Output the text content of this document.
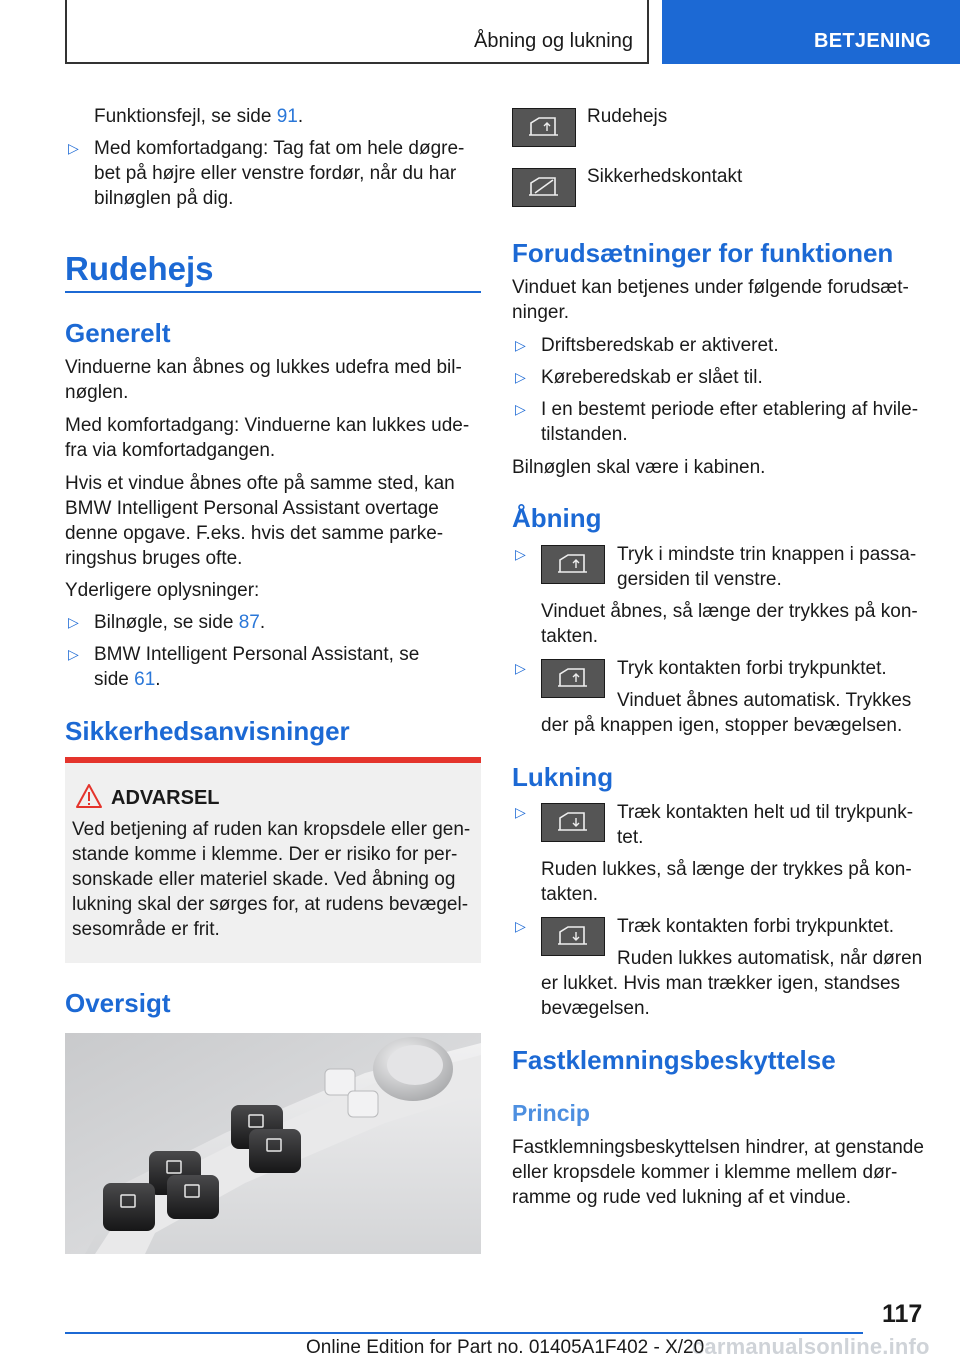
Åbning og lukning	BETJENING
Funktionsfejl, se side 91.
▷ Med komfortadgang: Tag fat om hele døgre-
bet på højre eller venstre fordør, når du har
bilnøglen på dig.
Rudehejs
Generelt
Vinduerne kan åbnes og lukkes udefra med bil-
nøglen.
Med komfortadgang: Vinduerne kan lukkes ude-
fra via komfortadgangen.
Hvis et vindue åbnes ofte på samme sted, kan
BMW Intelligent Personal Assistant overtage
denne opgave. F.eks. hvis det samme parke-
ringshus bruges ofte.
Yderligere oplysninger:
▷ Bilnøgle, se side 87.
▷ BMW Intelligent Personal Assistant, se
side 61.
Sikkerhedsanvisninger
ADVARSEL
Ved betjening af ruden kan kropsdele eller gen-
stande komme i klemme. Der er risiko for per-
sonskade eller materiel skade. Ved åbning og
lukning skal der sørges for, at rudens bevægel-
sesområde er frit.
Oversigt
Rudehejs
Sikkerhedskontakt
Forudsætninger for funktionen
Vinduet kan betjenes under følgende forudsæt-
ninger.
▷ Driftsberedskab er aktiveret.
▷ Køreberedskab er slået til.
▷ I en bestemt periode efter etablering af hvile-
tilstanden.
Bilnøglen skal være i kabinen.
Åbning
▷	Tryk i mindste trin knappen i passa-
gersiden til venstre.
Vinduet åbnes, så længe der trykkes på kon-
takten.
▷	Tryk kontakten forbi trykpunktet.
Vinduet åbnes automatisk. Trykkes
der på knappen igen, stopper bevægelsen.
Lukning
▷	Træk kontakten helt ud til trykpunk-
tet.
Ruden lukkes, så længe der trykkes på kon-
takten.
▷	Træk kontakten forbi trykpunktet.
Ruden lukkes automatisk, når døren
er lukket. Hvis man trækker igen, standses
bevægelsen.
Fastklemningsbeskyttelse
Princip
Fastklemningsbeskyttelsen hindrer, at genstande
eller kropsdele kommer i klemme mellem dør-
ramme og rude ved lukning af et vindue.
117
carmanualsonline.info
Online Edition for Part no. 01405A1F402 - X/20
